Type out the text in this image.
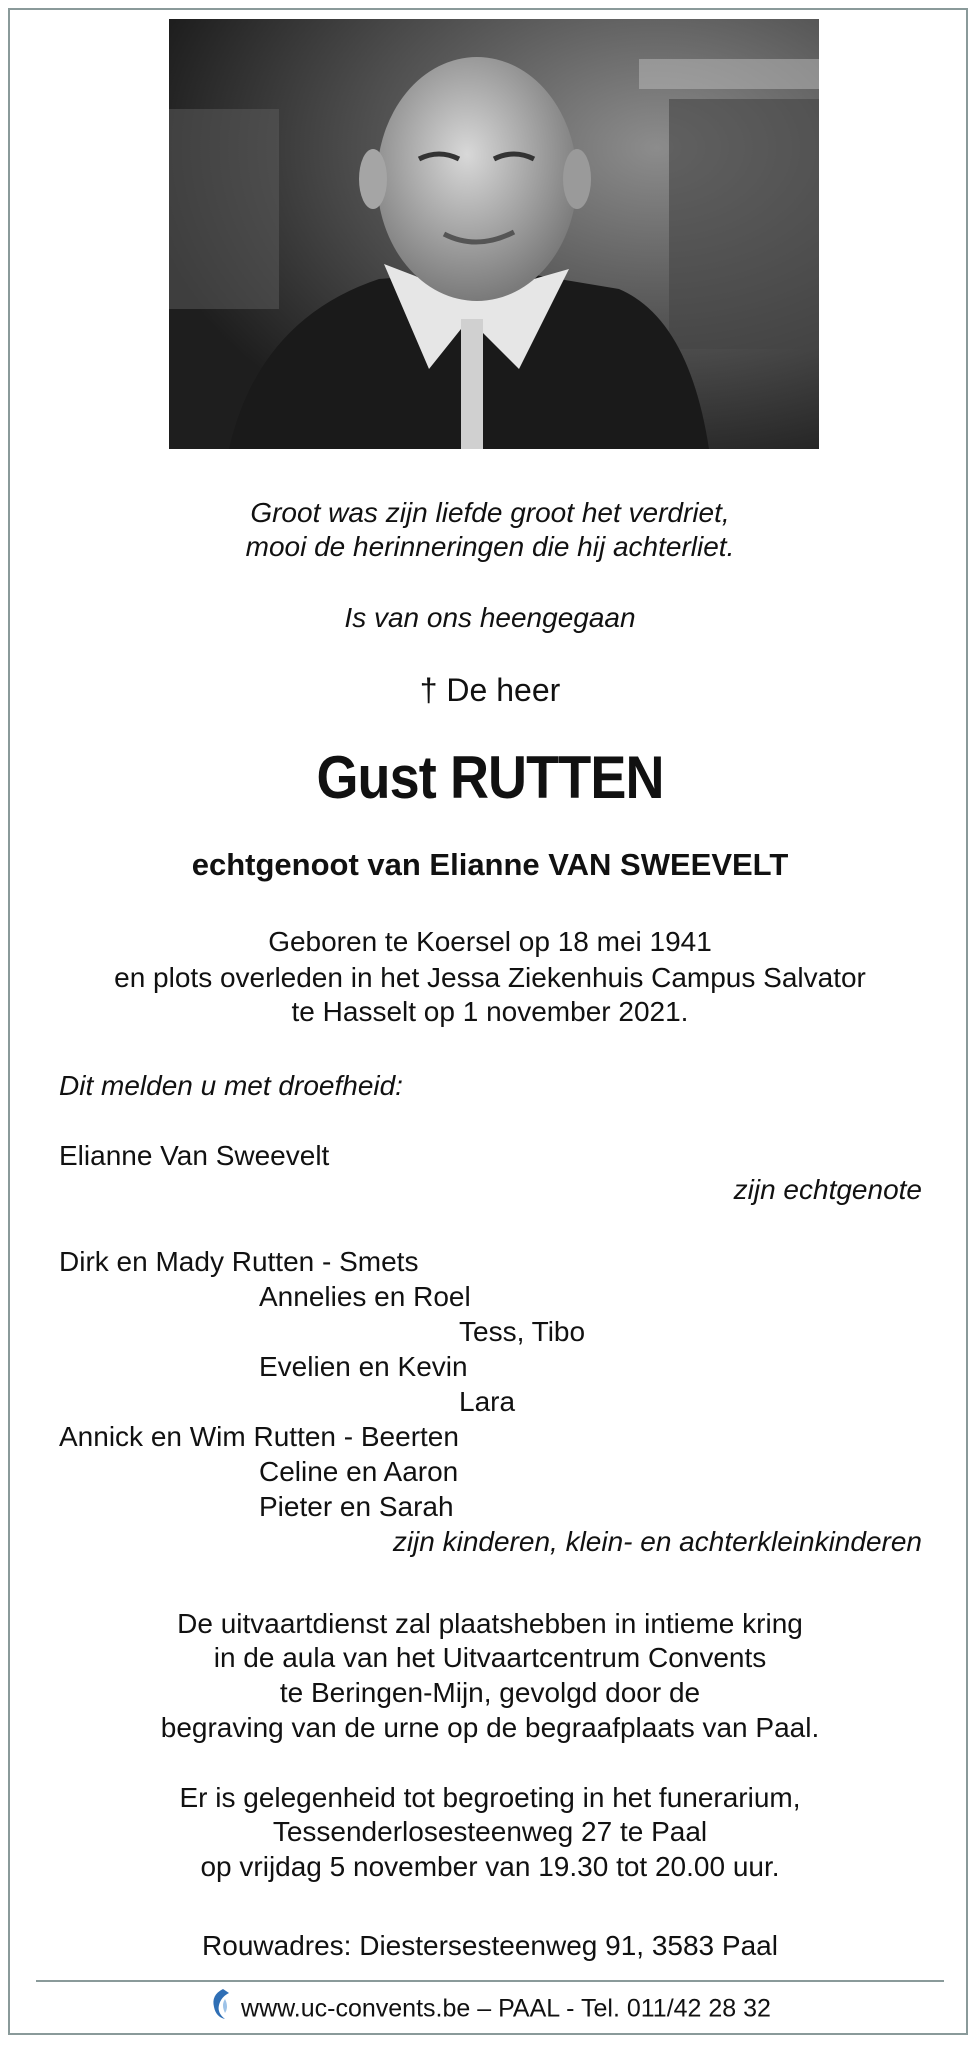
Groot was zijn liefde groot het verdriet,
mooi de herinneringen die hij achterliet.
Is van ons heengegaan
† De heer
Gust RUTTEN
echtgenoot van Elianne VAN SWEEVELT
Geboren te Koersel op 18 mei 1941
en plots overleden in het Jessa Ziekenhuis Campus Salvator
te Hasselt op 1 november 2021.
Dit melden u met droefheid:
Elianne Van Sweevelt
zijn echtgenote
Dirk en Mady Rutten - Smets
Annelies en Roel
Tess, Tibo
Evelien en Kevin
Lara
Annick en Wim Rutten - Beerten
Celine en Aaron
Pieter en Sarah
zijn kinderen, klein- en achterkleinkinderen
De uitvaartdienst zal plaatshebben in intieme kring
in de aula van het Uitvaartcentrum Convents
te Beringen-Mijn, gevolgd door de
begraving van de urne op de begraafplaats van Paal.
Er is gelegenheid tot begroeting in het funerarium,
Tessenderlosesteenweg 27 te Paal
op vrijdag 5 november van 19.30 tot 20.00 uur.
Rouwadres: Diestersesteenweg 91, 3583 Paal
www.uc-convents.be – PAAL - Tel. 011/42 28 32
